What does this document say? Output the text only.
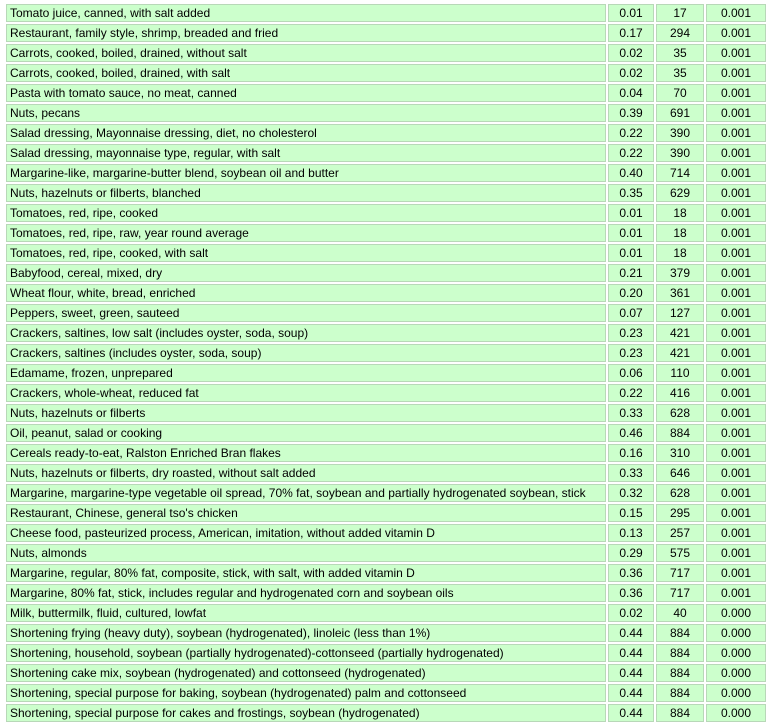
Tomato juice, canned, with salt added	0.01	17	0.001
Restaurant, family style, shrimp, breaded and fried	0.17	294	0.001
Carrots, cooked, boiled, drained, without salt	0.02	35	0.001
Carrots, cooked, boiled, drained, with salt	0.02	35	0.001
Pasta with tomato sauce, no meat, canned	0.04	70	0.001
Nuts, pecans	0.39	691	0.001
Salad dressing, Mayonnaise dressing, diet, no cholesterol	0.22	390	0.001
Salad dressing, mayonnaise type, regular, with salt	0.22	390	0.001
Margarine-like, margarine-butter blend, soybean oil and butter	0.40	714	0.001
Nuts, hazelnuts or filberts, blanched	0.35	629	0.001
Tomatoes, red, ripe, cooked	0.01	18	0.001
Tomatoes, red, ripe, raw, year round average	0.01	18	0.001
Tomatoes, red, ripe, cooked, with salt	0.01	18	0.001
Babyfood, cereal, mixed, dry	0.21	379	0.001
Wheat flour, white, bread, enriched	0.20	361	0.001
Peppers, sweet, green, sauteed	0.07	127	0.001
Crackers, saltines, low salt (includes oyster, soda, soup)	0.23	421	0.001
Crackers, saltines (includes oyster, soda, soup)	0.23	421	0.001
Edamame, frozen, unprepared	0.06	110	0.001
Crackers, whole-wheat, reduced fat	0.22	416	0.001
Nuts, hazelnuts or filberts	0.33	628	0.001
Oil, peanut, salad or cooking	0.46	884	0.001
Cereals ready-to-eat, Ralston Enriched Bran flakes	0.16	310	0.001
Nuts, hazelnuts or filberts, dry roasted, without salt added	0.33	646	0.001
Margarine, margarine-type vegetable oil spread, 70% fat, soybean and partially hydrogenated soybean, stick	0.32	628	0.001
Restaurant, Chinese, general tso's chicken	0.15	295	0.001
Cheese food, pasteurized process, American, imitation, without added vitamin D	0.13	257	0.001
Nuts, almonds	0.29	575	0.001
Margarine, regular, 80% fat, composite, stick, with salt, with added vitamin D	0.36	717	0.001
Margarine, 80% fat, stick, includes regular and hydrogenated corn and soybean oils	0.36	717	0.001
Milk, buttermilk, fluid, cultured, lowfat	0.02	40	0.000
Shortening frying (heavy duty), soybean (hydrogenated), linoleic (less than 1%)	0.44	884	0.000
Shortening, household, soybean (partially hydrogenated)-cottonseed (partially hydrogenated)	0.44	884	0.000
Shortening cake mix, soybean (hydrogenated) and cottonseed (hydrogenated)	0.44	884	0.000
Shortening, special purpose for baking, soybean (hydrogenated) palm and cottonseed	0.44	884	0.000
Shortening, special purpose for cakes and frostings, soybean (hydrogenated)	0.44	884	0.000
